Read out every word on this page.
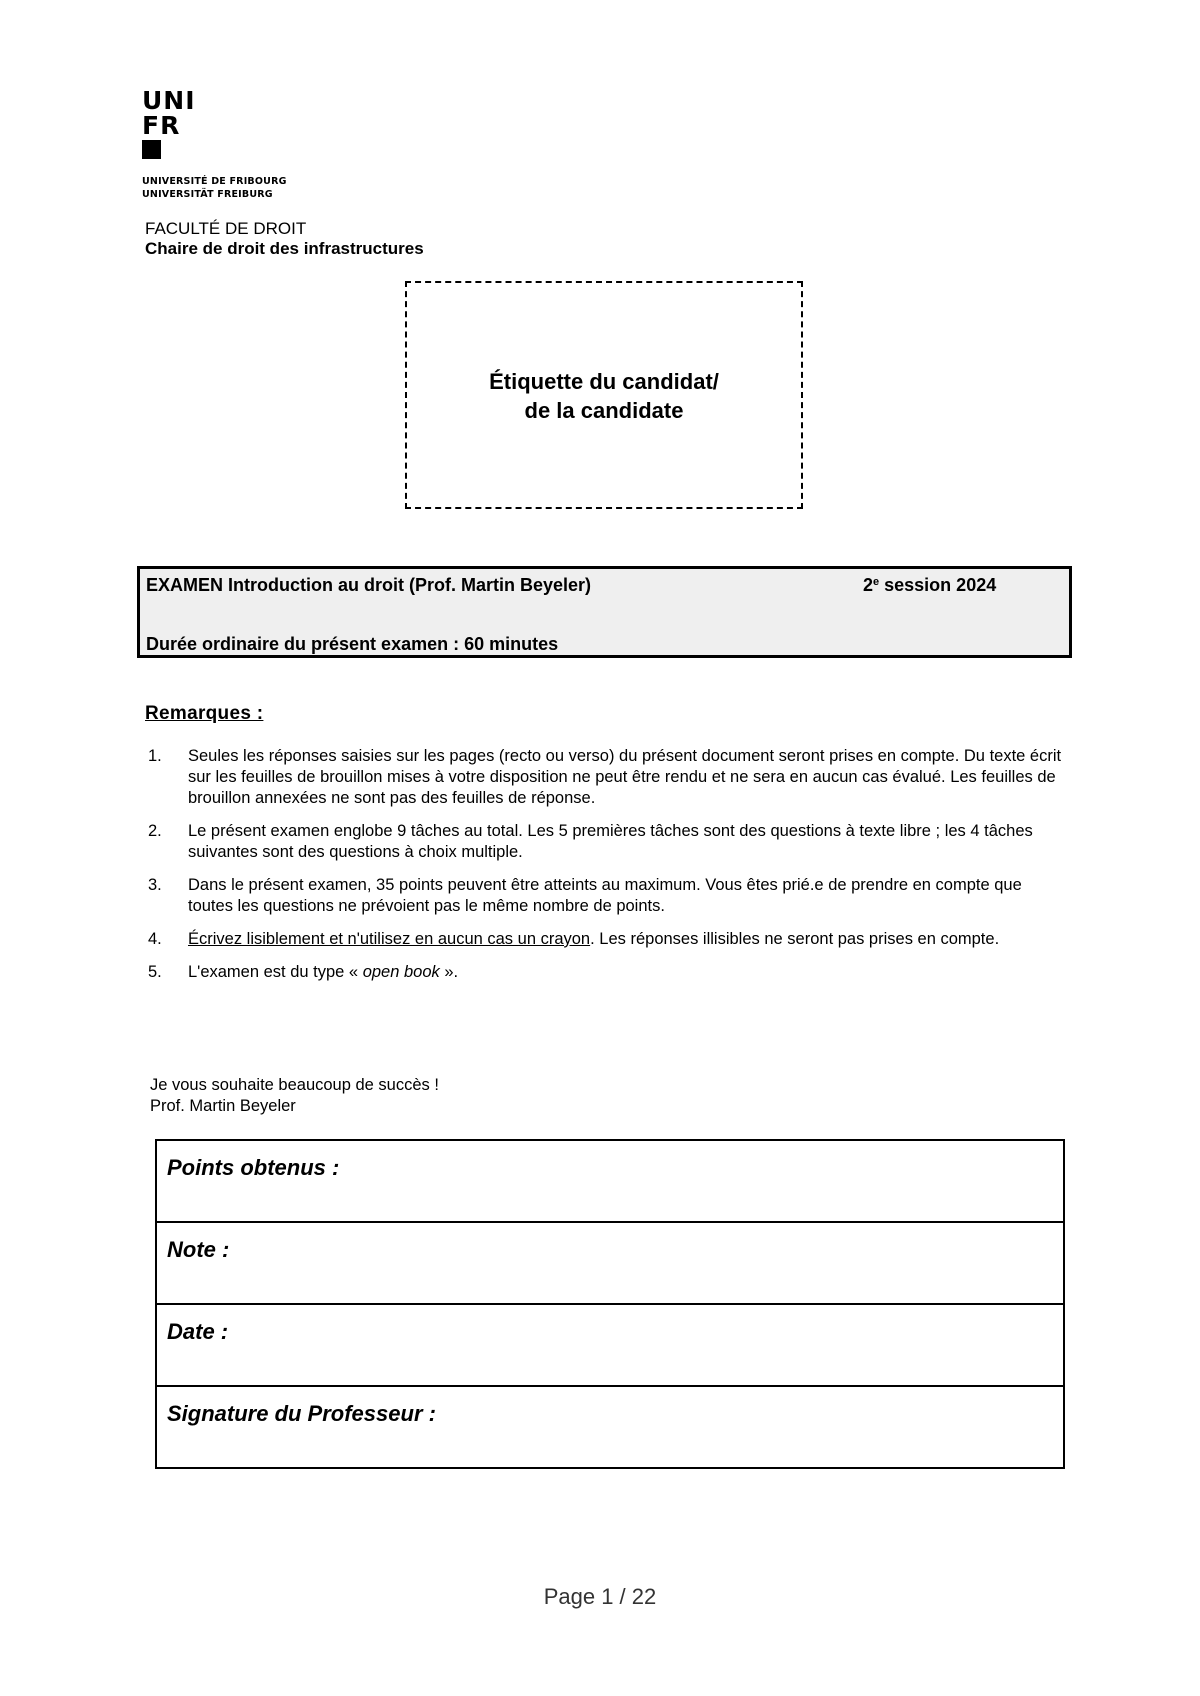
UNI
FR
UNIVERSITÉ DE FRIBOURG
UNIVERSITÄT FREIBURG
FACULTÉ DE DROIT
Chaire de droit des infrastructures
Étiquette du candidat/
de la candidate
EXAMEN Introduction au droit (Prof. Martin Beyeler)	2e session 2024
Durée ordinaire du présent examen : 60 minutes
Remarques :
1. Seules les réponses saisies sur les pages (recto ou verso) du présent document seront prises en compte. Du texte écrit sur les feuilles de brouillon mises à votre disposition ne peut être rendu et ne sera en aucun cas évalué. Les feuilles de brouillon annexées ne sont pas des feuilles de réponse.
2. Le présent examen englobe 9 tâches au total. Les 5 premières tâches sont des questions à texte libre ; les 4 tâches suivantes sont des questions à choix multiple.
3. Dans le présent examen, 35 points peuvent être atteints au maximum. Vous êtes prié.e de prendre en compte que toutes les questions ne prévoient pas le même nombre de points.
4. Écrivez lisiblement et n'utilisez en aucun cas un crayon. Les réponses illisibles ne seront pas prises en compte.
5. L'examen est du type « open book ».
Je vous souhaite beaucoup de succès !
Prof. Martin Beyeler
Points obtenus :
Note :
Date :
Signature du Professeur :
Page 1 / 22
